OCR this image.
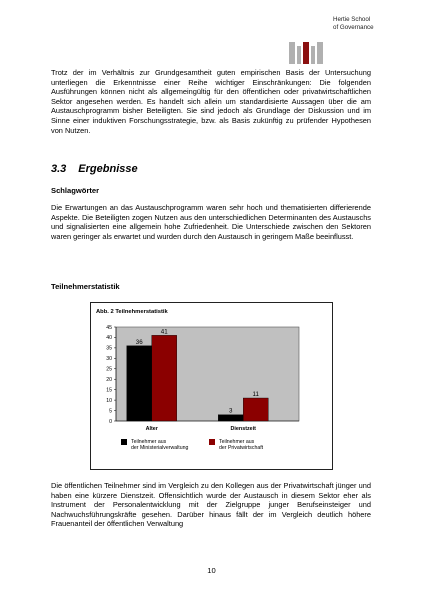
Hertie School
of Governance
Trotz der im Verhältnis zur Grundgesamtheit guten empirischen Basis der Untersuchung unterliegen die Erkenntnisse einer Reihe wichtiger Einschränkungen: Die folgenden Ausführungen können nicht als allgemeingültig für den öffentlichen oder privatwirtschaftlichen Sektor angesehen werden. Es handelt sich allein um standardisierte Aussagen über die am Austauschprogramm bisher Beteiligten. Sie sind jedoch als Grundlage der Diskussion und im Sinne einer induktiven Forschungsstrategie, bzw. als Basis zukünftig zu prüfender Hypothesen von Nutzen.
3.3 Ergebnisse
Schlagwörter
Die Erwartungen an das Austauschprogramm waren sehr hoch und thematisierten differierende Aspekte. Die Beteiligten zogen Nutzen aus den unterschiedlichen Determinanten des Austauschs und signalisierten eine allgemein hohe Zufriedenheit. Die Unterschiede zwischen den Sektoren waren geringer als erwartet und wurden durch den Austausch in geringem Maße beeinflusst.
Teilnehmerstatistik
Abb. 2 Teilnehmerstatistik
0
5
10
15
20
25
30
35
40
45
36
41
Alter
3
11
Dienstzeit
Teilnehmer aus
der Ministerialverwaltung
Teilnehmer aus
der Privatwirtschaft
Die öffentlichen Teilnehmer sind im Vergleich zu den Kollegen aus der Privatwirtschaft jünger und haben eine kürzere Dienstzeit. Offensichtlich wurde der Austausch in diesem Sektor eher als Instrument der Personalentwicklung mit der Zielgruppe junger Berufseinsteiger und Nachwuchsführungskräfte gesehen. Darüber hinaus fällt der im Vergleich deutlich höhere Frauenanteil der öffentlichen Verwaltung
10
